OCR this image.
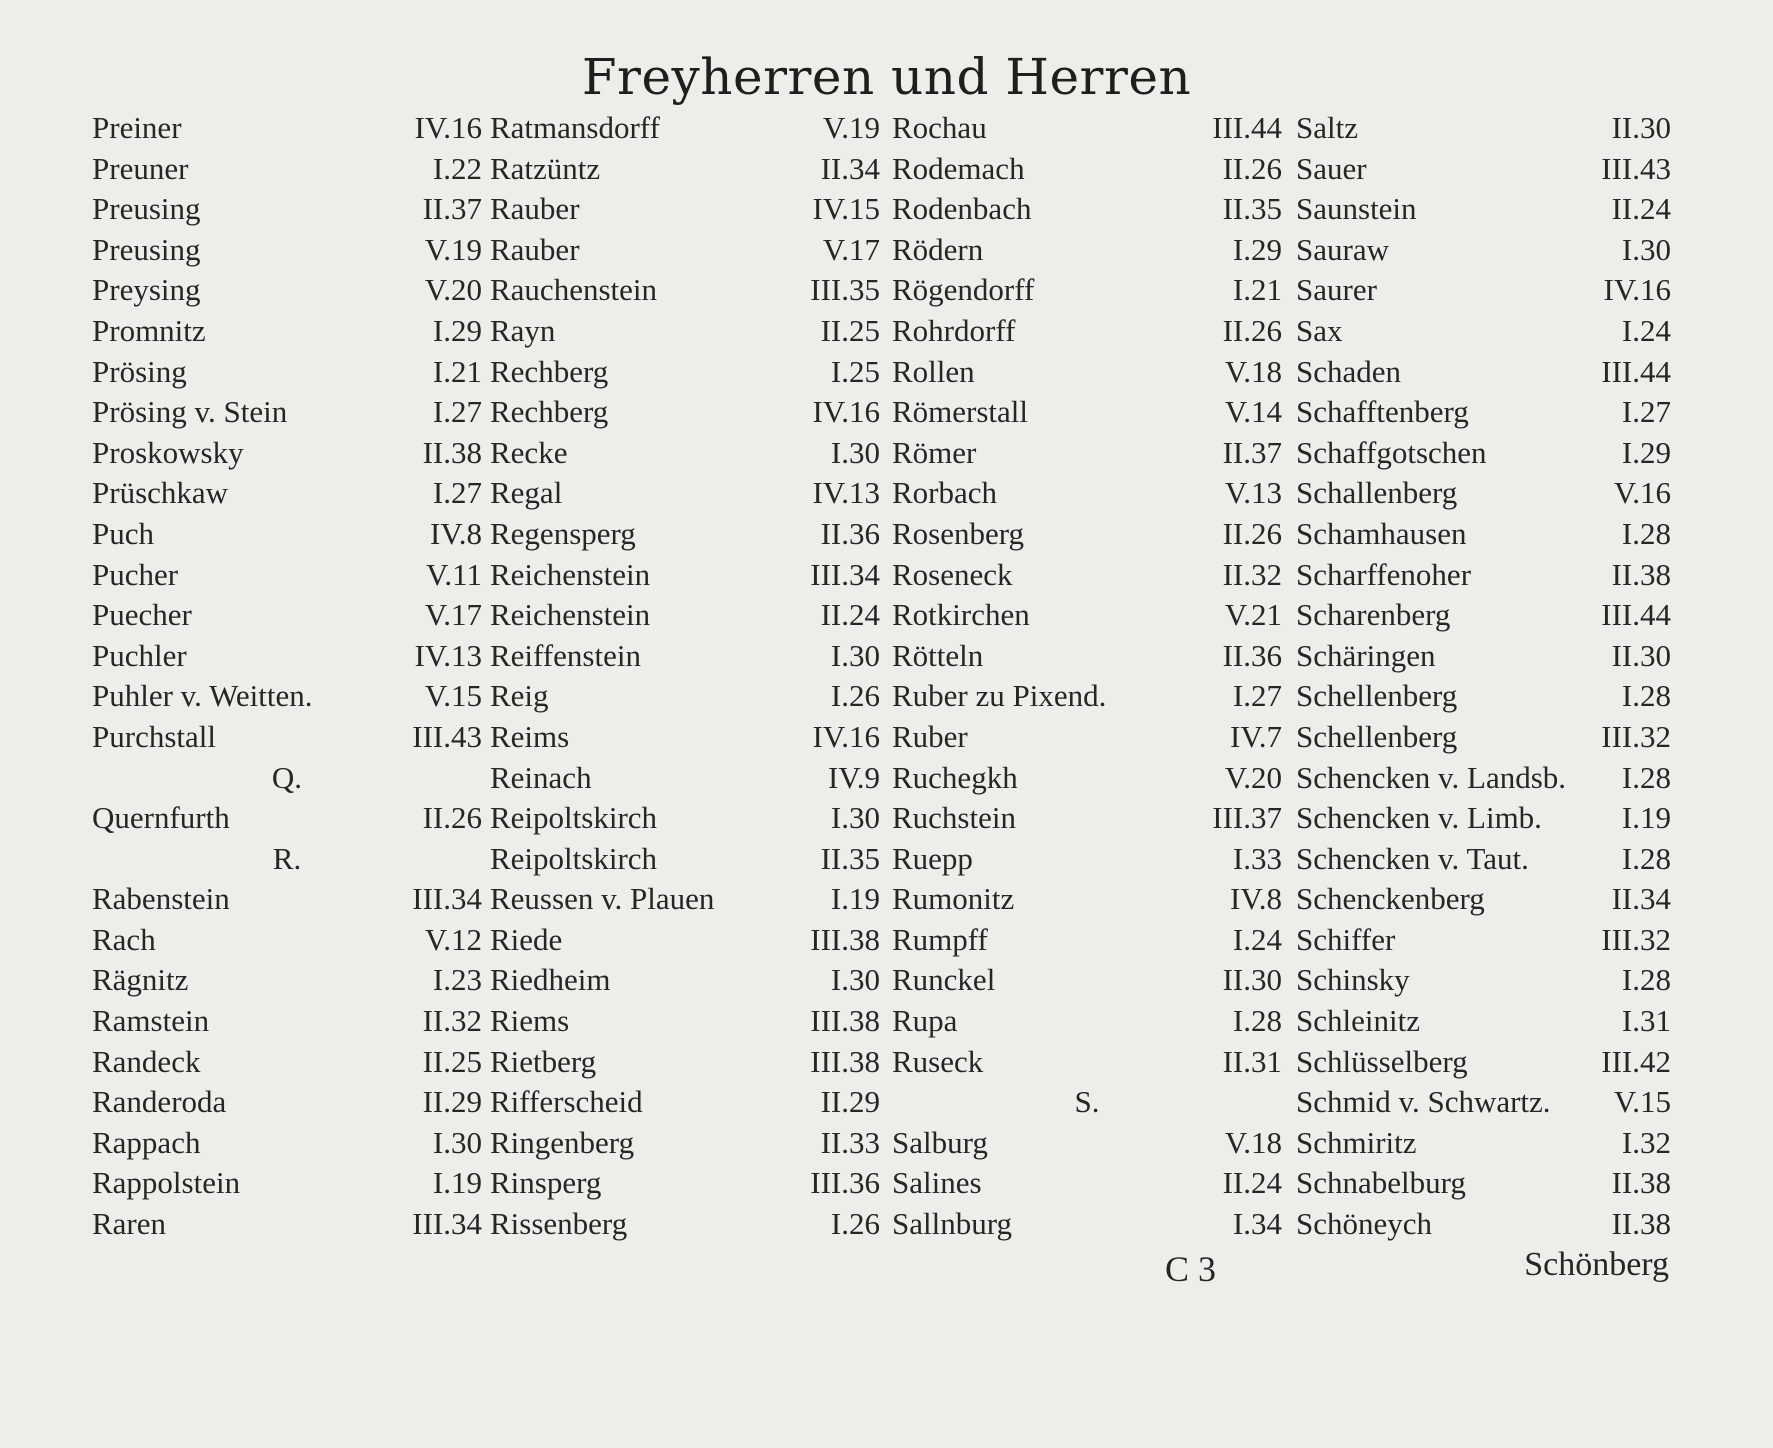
Freyherren und Herren
Preiner	IV.16
Preuner	I.22
Preusing	II.37
Preusing	V.19
Preysing	V.20
Promnitz	I.29
Prösing	I.21
Prösing v. Stein	I.27
Proskowsky	II.38
Prüschkaw	I.27
Puch	IV.8
Pucher	V.11
Puecher	V.17
Puchler	IV.13
Puhler v. Weitten.	V.15
Purchstall	III.43
Q.
Quernfurth	II.26
R.
Rabenstein	III.34
Rach	V.12
Rägnitz	I.23
Ramstein	II.32
Randeck	II.25
Randeroda	II.29
Rappach	I.30
Rappolstein	I.19
Raren	III.34
Ratmansdorff	V.19
Ratzüntz	II.34
Rauber	IV.15
Rauber	V.17
Rauchenstein	III.35
Rayn	II.25
Rechberg	I.25
Rechberg	IV.16
Recke	I.30
Regal	IV.13
Regensperg	II.36
Reichenstein	III.34
Reichenstein	II.24
Reiffenstein	I.30
Reig	I.26
Reims	IV.16
Reinach	IV.9
Reipoltskirch	I.30
Reipoltskirch	II.35
Reussen v. Plauen	I.19
Riede	III.38
Riedheim	I.30
Riems	III.38
Rietberg	III.38
Rifferscheid	II.29
Ringenberg	II.33
Rinsperg	III.36
Rissenberg	I.26
Rochau	III.44
Rodemach	II.26
Rodenbach	II.35
Rödern	I.29
Rögendorff	I.21
Rohrdorff	II.26
Rollen	V.18
Römerstall	V.14
Römer	II.37
Rorbach	V.13
Rosenberg	II.26
Roseneck	II.32
Rotkirchen	V.21
Rötteln	II.36
Ruber zu Pixend.	I.27
Ruber	IV.7
Ruchegkh	V.20
Ruchstein	III.37
Ruepp	I.33
Rumonitz	IV.8
Rumpff	I.24
Runckel	II.30
Rupa	I.28
Ruseck	II.31
S.
Salburg	V.18
Salines	II.24
Sallnburg	I.34
Saltz	II.30
Sauer	III.43
Saunstein	II.24
Sauraw	I.30
Saurer	IV.16
Sax	I.24
Schaden	III.44
Schafftenberg	I.27
Schaffgotschen	I.29
Schallenberg	V.16
Schamhausen	I.28
Scharffenoher	II.38
Scharenberg	III.44
Schäringen	II.30
Schellenberg	I.28
Schellenberg	III.32
Schencken v. Landsb. I.28
Schencken v. Limb.	I.19
Schencken v. Taut.	I.28
Schenckenberg	II.34
Schiffer	III.32
Schinsky	I.28
Schleinitz	I.31
Schlüsselberg	III.42
Schmid v. Schwartz. V.15
Schmiritz	I.32
Schnabelburg	II.38
Schöneych	II.38
C 3	Schönberg
